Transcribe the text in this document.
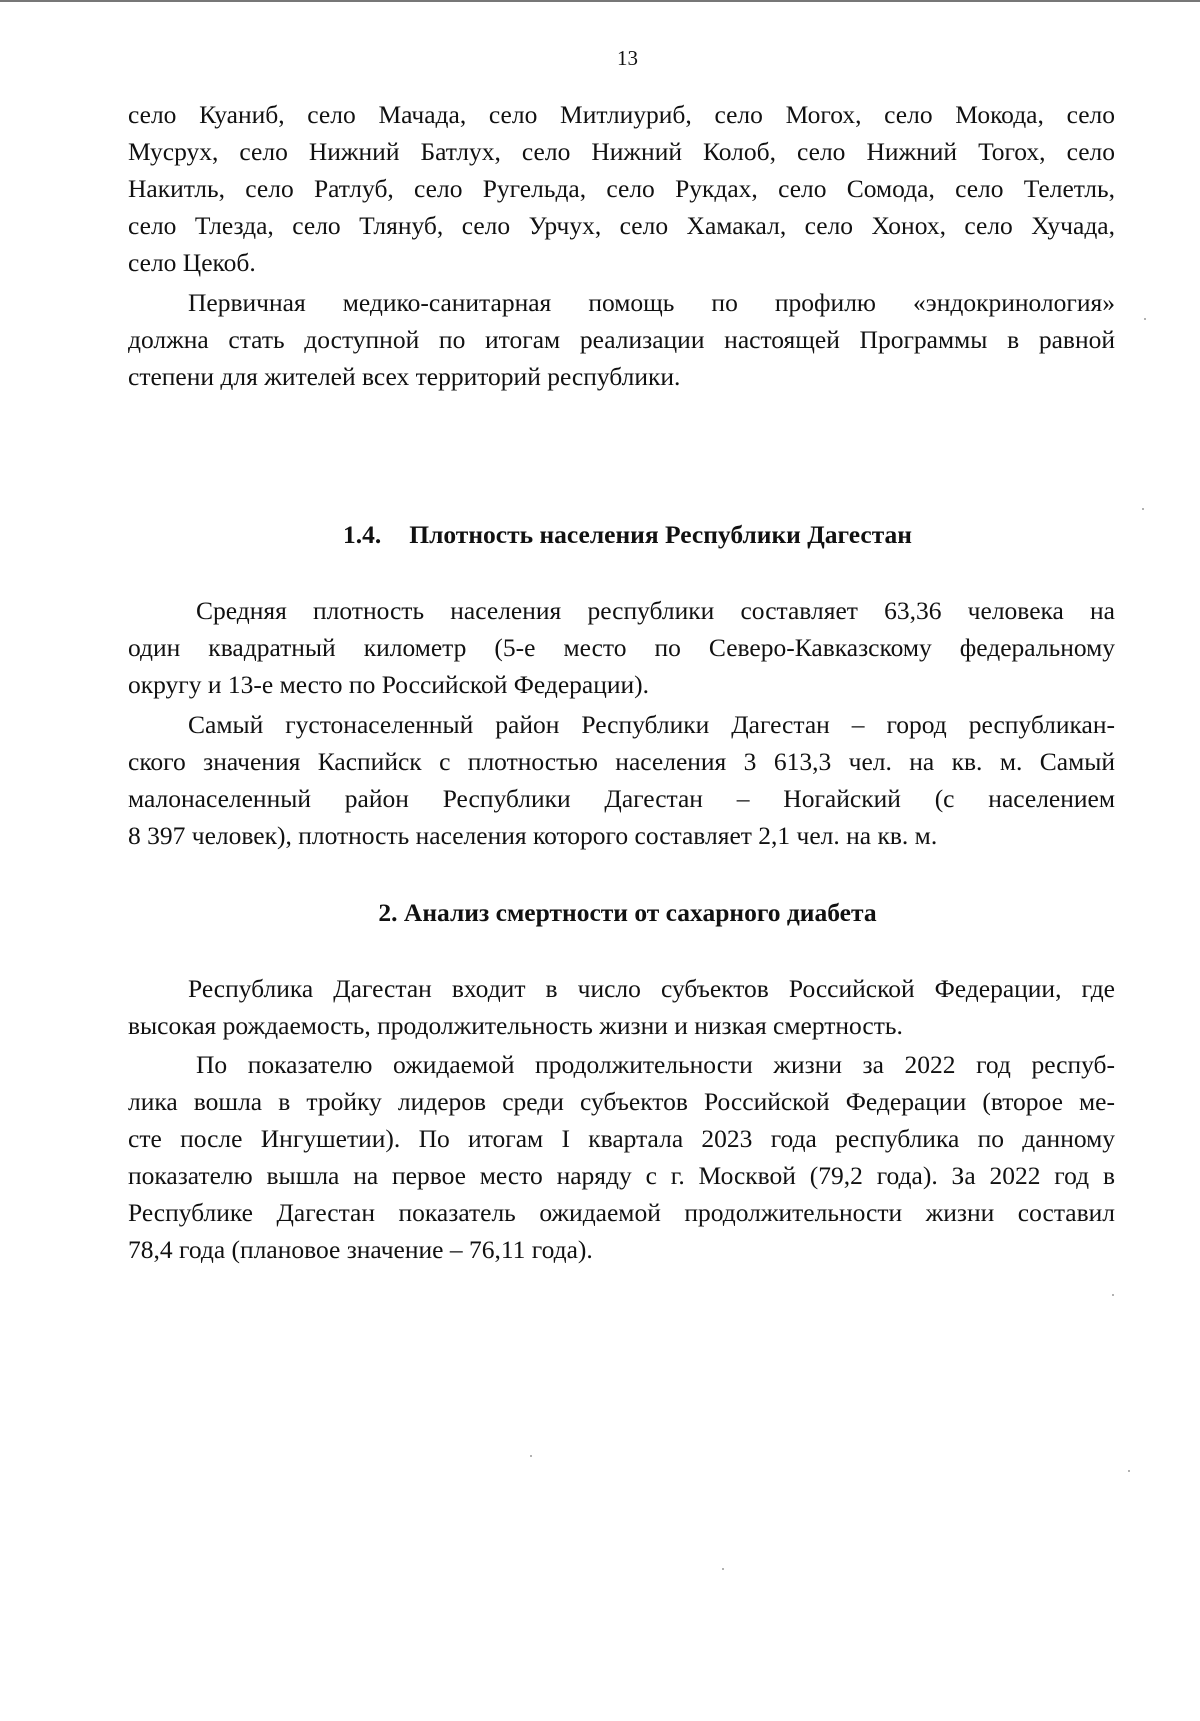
13

село Куаниб, село Мачада, село Митлиуриб, село Могох, село Мокода, село
Мусрух, село Нижний Батлух, село Нижний Колоб, село Нижний Тогох, село
Накитль, село Ратлуб, село Ругельда, село Рукдах, село Сомода, село Телетль,
село Тлезда, село Тлянуб, село Урчух, село Хамакал, село Хонох, село Хучада,
село Цекоб.

Первичная медико-санитарная помощь по профилю «эндокринология»
должна стать доступной по итогам реализации настоящей Программы в равной
степени для жителей всех территорий республики.

1.4. Плотность населения Республики Дагестан

Средняя плотность населения республики составляет 63,36 человека на
один квадратный километр (5-е место по Северо-Кавказскому федеральному
округу и 13-е место по Российской Федерации).

Самый густонаселенный район Республики Дагестан – город республикан-
ского значения Каспийск с плотностью населения 3 613,3 чел. на кв. м. Самый
малонаселенный район Республики Дагестан – Ногайский (с населением
8 397 человек), плотность населения которого составляет 2,1 чел. на кв. м.

2. Анализ смертности от сахарного диабета

Республика Дагестан входит в число субъектов Российской Федерации, где
высокая рождаемость, продолжительность жизни и низкая смертность.

По показателю ожидаемой продолжительности жизни за 2022 год респуб-
лика вошла в тройку лидеров среди субъектов Российской Федерации (второе ме-
сте после Ингушетии). По итогам I квартала 2023 года республика по данному
показателю вышла на первое место наряду с г. Москвой (79,2 года). За 2022 год в
Республике Дагестан показатель ожидаемой продолжительности жизни составил
78,4 года (плановое значение – 76,11 года).
